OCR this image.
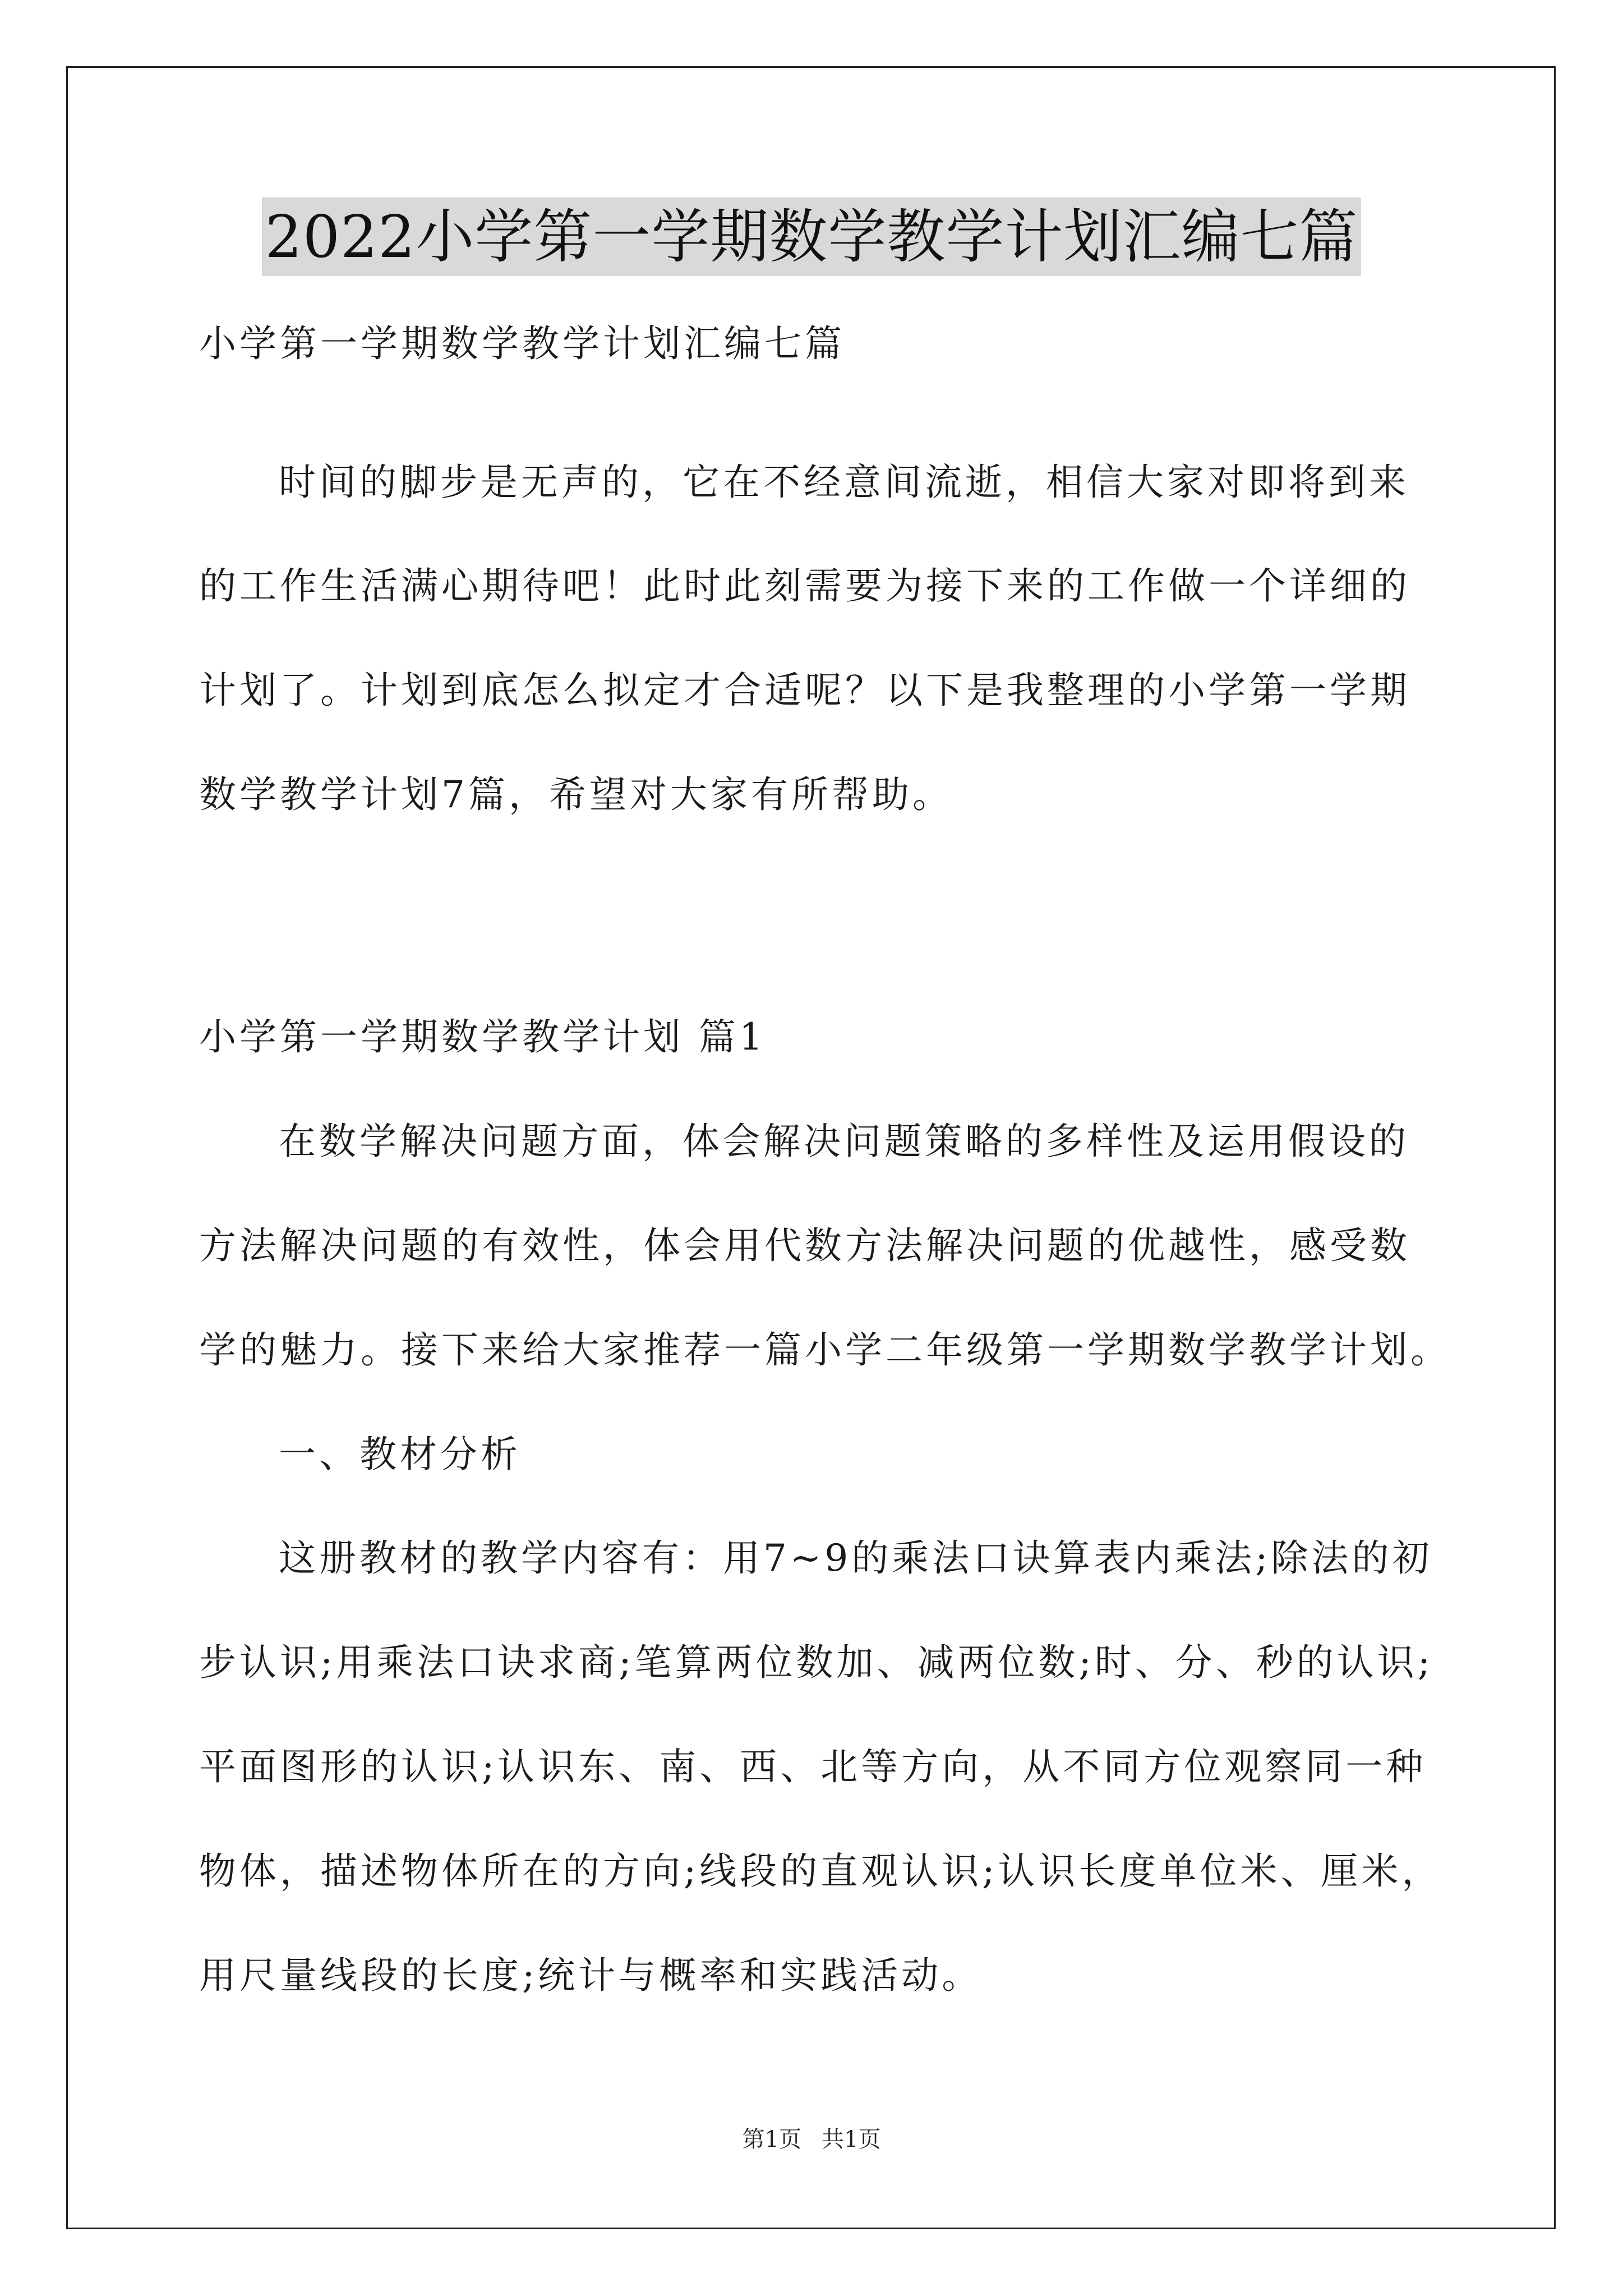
2022小学第一学期数学教学计划汇编七篇
小学第一学期数学教学计划汇编七篇
时间的脚步是无声的，它在不经意间流逝，相信大家对即将到来
的工作生活满心期待吧！此时此刻需要为接下来的工作做一个详细的
计划了。计划到底怎么拟定才合适呢？以下是我整理的小学第一学期
数学教学计划7篇，希望对大家有所帮助。
小学第一学期数学教学计划 篇1
在数学解决问题方面，体会解决问题策略的多样性及运用假设的
方法解决问题的有效性，体会用代数方法解决问题的优越性，感受数
学的魅力。接下来给大家推荐一篇小学二年级第一学期数学教学计划。
一、教材分析
这册教材的教学内容有：用7~9的乘法口诀算表内乘法;除法的初
步认识;用乘法口诀求商;笔算两位数加、减两位数;时、分、秒的认识;
平面图形的认识;认识东、南、西、北等方向，从不同方位观察同一种
物体，描述物体所在的方向;线段的直观认识;认识长度单位米、厘米，
用尺量线段的长度;统计与概率和实践活动。
第1页 共1页
